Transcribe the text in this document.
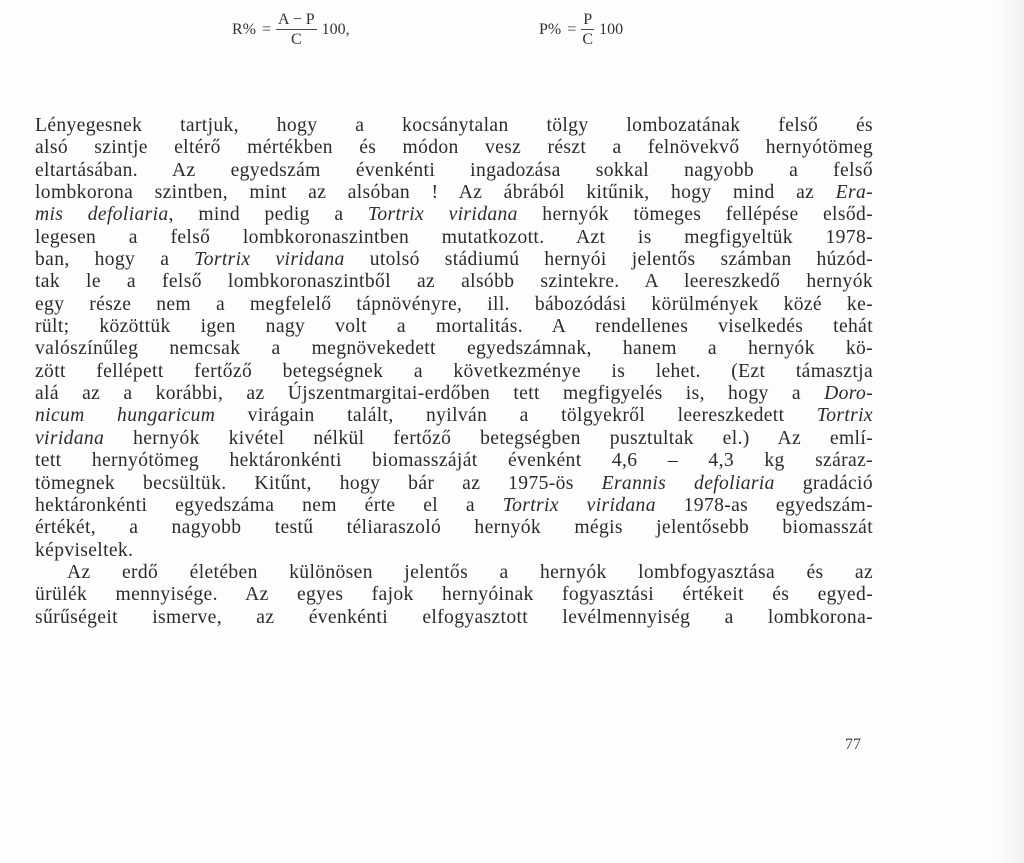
$R\% = \frac{A - P}{C} 100$,	$P\% = \frac{P}{C} 100$
Lényegesnek tartjuk, hogy a kocsánytalan tölgy lombozatának felső és
alsó szintje eltérő mértékben és módon vesz részt a felnövekvő hernyótömeg
eltartásában. Az egyedszám évenkénti ingadozása sokkal nagyobb a felső
lombkorona szintben, mint az alsóban ! Az ábrából kitűnik, hogy mind az Era-
mis defoliaria, mind pedig a Tortrix viridana hernyók tömeges fellépése elsőd-
legesen a felső lombkoronaszintben mutatkozott. Azt is megfigyeltük 1978-
ban, hogy a Tortrix viridana utolsó stádiumú hernyói jelentős számban húzód-
tak le a felső lombkoronaszintből az alsóbb szintekre. A leereszkedő hernyók
egy része nem a megfelelő tápnövényre, ill. bábozódási körülmények közé ke-
rült; közöttük igen nagy volt a mortalitás. A rendellenes viselkedés tehát
valószínűleg nemcsak a megnövekedett egyedszámnak, hanem a hernyók kö-
zött fellépett fertőző betegségnek a következménye is lehet. (Ezt támasztja
alá az a korábbi, az Újszentmargitai-erdőben tett megfigyelés is, hogy a Doro-
nicum hungaricum virágain talált, nyilván a tölgyekről leereszkedett Tortrix
viridana hernyók kivétel nélkül fertőző betegségben pusztultak el.) Az emlí-
tett hernyótömeg hektáronkénti biomasszáját évenként 4,6 – 4,3 kg száraz-
tömegnek becsültük. Kitűnt, hogy bár az 1975-ös Erannis defoliaria gradáció
hektáronkénti egyedszáma nem érte el a Tortrix viridana 1978-as egyedszám-
értékét, a nagyobb testű téliaraszoló hernyók mégis jelentősebb biomasszát
képviseltek.
Az erdő életében különösen jelentős a hernyók lombfogyasztása és az
ürülék mennyisége. Az egyes fajok hernyóinak fogyasztási értékeit és egyed-
sűrűségeit ismerve, az évenkénti elfogyasztott levélmennyiség a lombkorona-
77
